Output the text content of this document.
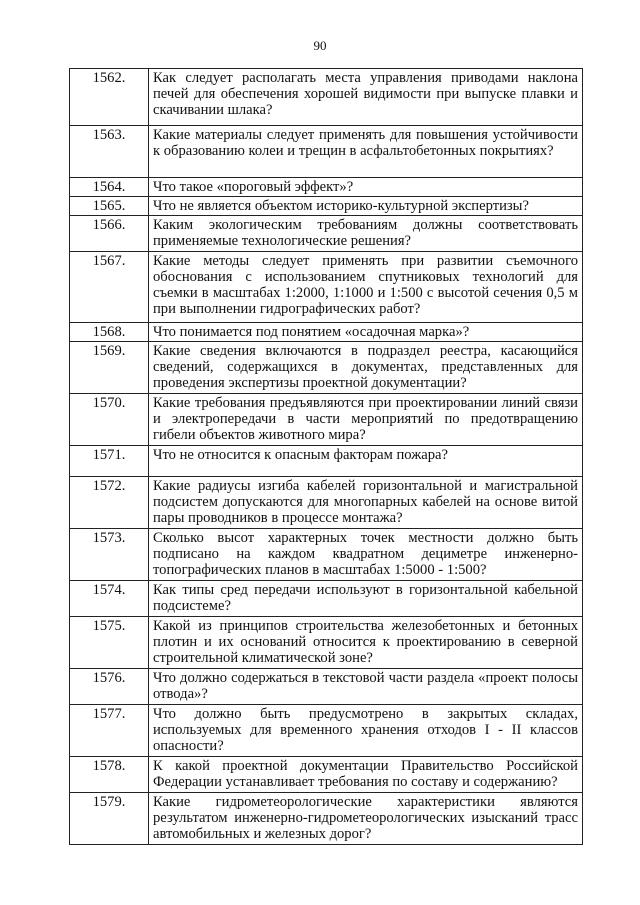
90
1562.	Как следует располагать места управления приводами наклона печей для обеспечения хорошей видимости при выпуске плавки и скачивании шлака?
1563.	Какие материалы следует применять для повышения устойчивости к образованию колеи и трещин в асфальтобетонных покрытиях?
1564.	Что такое «пороговый эффект»?
1565.	Что не является объектом историко-культурной экспертизы?
1566.	Каким экологическим требованиям должны соответствовать применяемые технологические решения?
1567.	Какие методы следует применять при развитии съемочного обоснования с использованием спутниковых технологий для съемки в масштабах 1:2000, 1:1000 и 1:500 с высотой сечения 0,5 м при выполнении гидрографических работ?
1568.	Что понимается под понятием «осадочная марка»?
1569.	Какие сведения включаются в подраздел реестра, касающийся сведений, содержащихся в документах, представленных для проведения экспертизы проектной документации?
1570.	Какие требования предъявляются при проектировании линий связи и электропередачи в части мероприятий по предотвращению гибели объектов животного мира?
1571.	Что не относится к опасным факторам пожара?
1572.	Какие радиусы изгиба кабелей горизонтальной и магистральной подсистем допускаются для многопарных кабелей на основе витой пары проводников в процессе монтажа?
1573.	Сколько высот характерных точек местности должно быть подписано на каждом квадратном дециметре инженерно-топографических планов в масштабах 1:5000 - 1:500?
1574.	Как типы сред передачи используют в горизонтальной кабельной подсистеме?
1575.	Какой из принципов строительства железобетонных и бетонных плотин и их оснований относится к проектированию в северной строительной климатической зоне?
1576.	Что должно содержаться в текстовой части раздела «проект полосы отвода»?
1577.	Что должно быть предусмотрено в закрытых складах, используемых для временного хранения отходов I - II классов опасности?
1578.	К какой проектной документации Правительство Российской Федерации устанавливает требования по составу и содержанию?
1579.	Какие гидрометеорологические характеристики являются результатом инженерно-гидрометеорологических изысканий трасс автомобильных и железных дорог?
